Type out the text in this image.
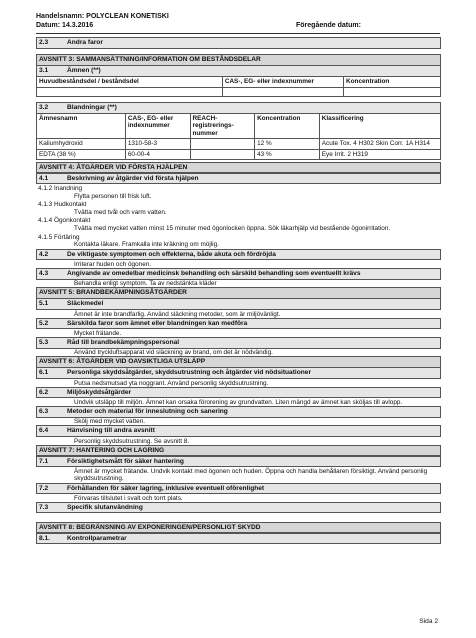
Handelsnamn: POLYCLEAN KONETISKI
Datum: 14.3.2016	Föregående datum:
2.3	Andra faror
AVSNITT 3: SAMMANSÄTTNING/INFORMATION OM BESTÅNDSDELAR
3.1	Ämnen (**)
Huvudbeståndsdel / beståndsdel	CAS-, EG- eller indexnummer	Koncentration

3.2	Blandningar (**)
Ämnesnamn	CAS-, EG- eller indexnummer	REACH-registrerings-nummer	Koncentration	Klassificering
Kaliumhydroxid	1310-58-3		12 %	Acute Tox. 4 H302 Skin Corr. 1A H314
EDTA (38 %)	60-00-4		43 %	Eye Irrit. 2 H319
AVSNITT 4: ÅTGÄRDER VID FÖRSTA HJÄLPEN
4.1	Beskrivning av åtgärder vid första hjälpen
4.1.2 Inandning
Flytta personen till frisk luft.
4.1.3 Hudkontakt
Tvätta med tvål och varm vatten.
4.1.4 Ögonkontakt
Tvätta med mycket vatten minst 15 minuter med ögonlocken öppna. Sök läkarhjälp vid bestående ögonirritation.
4.1.5 Förtäring
Kontakta läkare. Framkalla inte kräkning om möjlig.
4.2	De viktigaste symptomen och effekterna, både akuta och fördröjda
Irriterar huden och ögonen.
4.3	Angivande av omedelbar medicinsk behandling och särskild behandling som eventuellt krävs
Behandla enligt symptom. Ta av nedstänkta kläder
AVSNITT 5: BRANDBEKÄMPNINGSÅTGÄRDER
5.1	Släckmedel
Ämnet är inte brandfarlig. Använd släckning metoder, som är miljövänligt.
5.2	Särskilda faror som ämnet eller blandningen kan medföra
Mycket frätande.
5.3	Råd till brandbekämpningspersonal
Använd tryckluftsapparat vid släckning av brand, om det är nödvändig.
AVSNITT 6: ÅTGÄRDER VID OAVSIKTLIGA UTSLÄPP
6.1	Personliga skyddsåtgärder, skyddsutrustning och åtgärder vid nödsituationer
Putsa nedsmutsad yta noggrant. Använd personlig skyddsutrustning.
6.2	Miljöskyddsåtgärder
Undvik utsläpp till miljön. Ämnet kan orsaka förorening av grundvatten. Liten mängd av ämnet kan sköljas till avlopp.
6.3	Metoder och material för inneslutning och sanering
Skölj med mycket vatten.
6.4	Hänvisning till andra avsnitt
Personlig skyddsutrustning. Se avsnitt 8.
AVSNITT 7: HANTERING OCH LAGRING
7.1	Försiktighetsmått för säker hantering
Ämnet är mycket frätande. Undvik kontakt med ögonen och huden. Öppna och handla behållaren försiktigt. Använd personlig skyddsutrustning.
7.2	Förhållanden för säker lagring, inklusive eventuell oförenlighet
Förvaras tillslutet i svalt och torrt plats.
7.3	Specifik slutanvändning
AVSNITT 8: BEGRÄNSNING AV EXPONERINGEN/PERSONLIGT SKYDD
8.1.	Kontrollparametrar
Sida 2
